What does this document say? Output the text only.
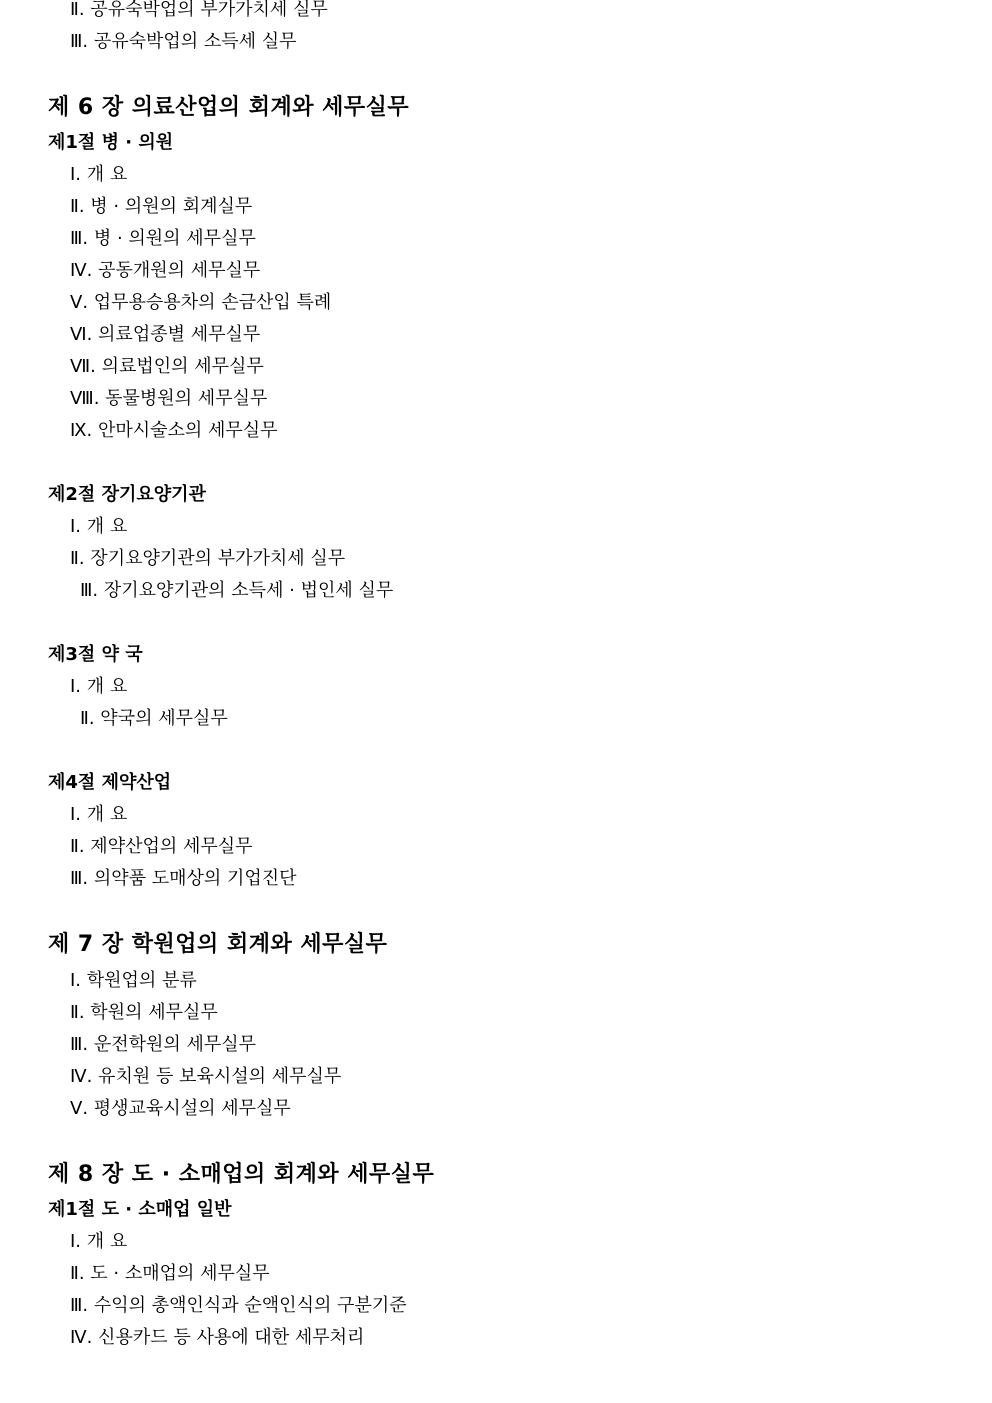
Ⅱ. 공유숙박업의 부가가치세 실무
Ⅲ. 공유숙박업의 소득세 실무
제 6 장 의료산업의 회계와 세무실무
제1절 병 · 의원
Ⅰ. 개 요
Ⅱ. 병 · 의원의 회계실무
Ⅲ. 병 · 의원의 세무실무
Ⅳ. 공동개원의 세무실무
Ⅴ. 업무용승용차의 손금산입 특례
Ⅵ. 의료업종별 세무실무
Ⅶ. 의료법인의 세무실무
Ⅷ. 동물병원의 세무실무
Ⅸ. 안마시술소의 세무실무
제2절 장기요양기관
Ⅰ. 개 요
Ⅱ. 장기요양기관의 부가가치세 실무
Ⅲ. 장기요양기관의 소득세 · 법인세 실무
제3절 약 국
Ⅰ. 개 요
Ⅱ. 약국의 세무실무
제4절 제약산업
Ⅰ. 개 요
Ⅱ. 제약산업의 세무실무
Ⅲ. 의약품 도매상의 기업진단
제 7 장 학원업의 회계와 세무실무
Ⅰ. 학원업의 분류
Ⅱ. 학원의 세무실무
Ⅲ. 운전학원의 세무실무
Ⅳ. 유치원 등 보육시설의 세무실무
Ⅴ. 평생교육시설의 세무실무
제 8 장 도 · 소매업의 회계와 세무실무
제1절 도 · 소매업 일반
Ⅰ. 개 요
Ⅱ. 도 · 소매업의 세무실무
Ⅲ. 수익의 총액인식과 순액인식의 구분기준
Ⅳ. 신용카드 등 사용에 대한 세무처리
